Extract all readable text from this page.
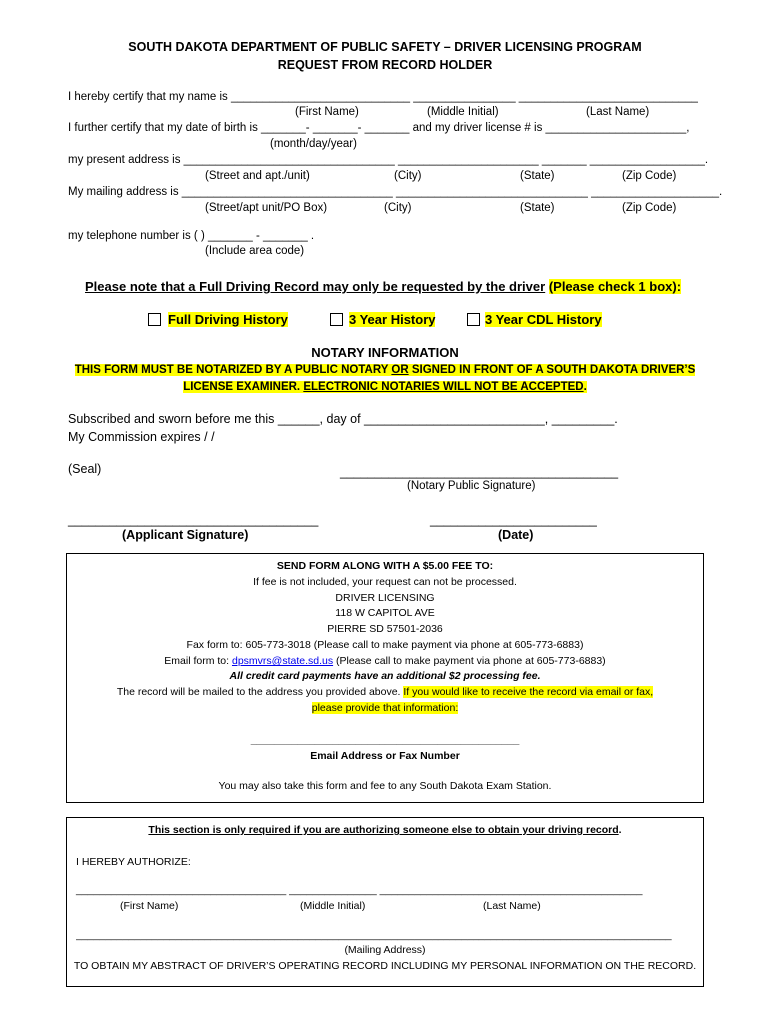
SOUTH DAKOTA DEPARTMENT OF PUBLIC SAFETY – DRIVER LICENSING PROGRAM
REQUEST FROM RECORD HOLDER
I hereby certify that my name is ____________________________ ________________ ____________________________
(First Name)	(Middle Initial)	(Last Name)
I further certify that my date of birth is _______- _______- _______ and my driver license # is ______________________,
(month/day/year)
my present address is _________________________________ ______________________ _______ __________________.
(Street and apt./unit)	(City)	(State)	(Zip Code)
My mailing address is _________________________________ ______________________________ ____________________.
(Street/apt unit/PO Box)	(City)	(State)	(Zip Code)
my telephone number is ( ) _______ - _______ .
(Include area code)
Please note that a Full Driving Record may only be requested by the driver (Please check 1 box):
Full Driving History	3 Year History	3 Year CDL History
NOTARY INFORMATION
THIS FORM MUST BE NOTARIZED BY A PUBLIC NOTARY OR SIGNED IN FRONT OF A SOUTH DAKOTA DRIVER’S
LICENSE EXAMINER. ELECTRONIC NOTARIES WILL NOT BE ACCEPTED.
Subscribed and sworn before me this ______, day of __________________________, _________.
My Commission expires / /
(Seal)	________________________________________
(Notary Public Signature)
____________________________________
(Applicant Signature)
________________________
(Date)
SEND FORM ALONG WITH A $5.00 FEE TO:
If fee is not included, your request can not be processed.
DRIVER LICENSING
118 W CAPITOL AVE
PIERRE SD 57501-2036
Fax form to: 605-773-3018 (Please call to make payment via phone at 605-773-6883)
Email form to: dpsmvrs@state.sd.us (Please call to make payment via phone at 605-773-6883)
All credit card payments have an additional $2 processing fee.
The record will be mailed to the address you provided above. If you would like to receive the record via email or fax,
please provide that information:
______________________________________________
Email Address or Fax Number
You may also take this form and fee to any South Dakota Exam Station.
This section is only required if you are authorizing someone else to obtain your driving record.
I HEREBY AUTHORIZE:
____________________________________ _______________ _____________________________________________
(First Name)	(Middle Initial)	(Last Name)
______________________________________________________________________________________________________
(Mailing Address)
TO OBTAIN MY ABSTRACT OF DRIVER’S OPERATING RECORD INCLUDING MY PERSONAL INFORMATION ON THE RECORD.
